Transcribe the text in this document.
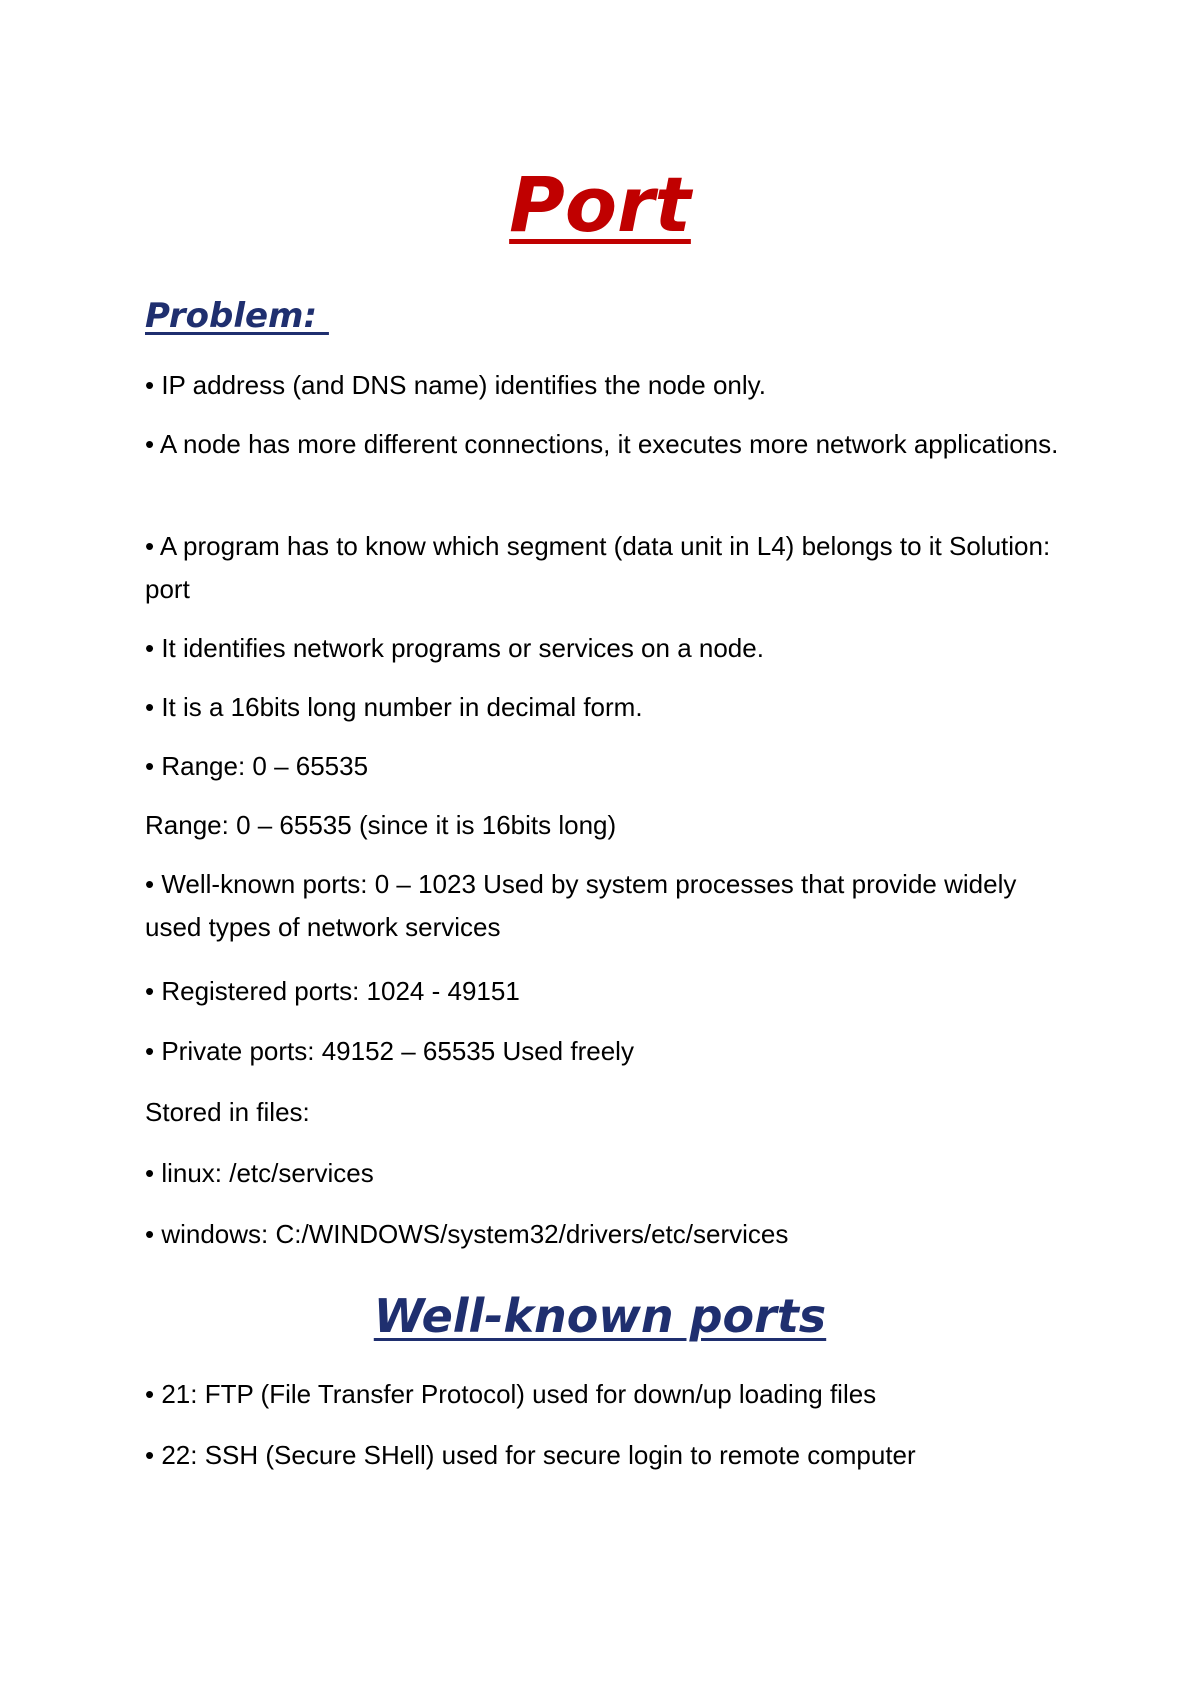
Port
Problem:

• IP address (and DNS name) identifies the node only.

• A node has more different connections, it executes more network applications.

• A program has to know which segment (data unit in L4) belongs to it Solution: port

• It identifies network programs or services on a node.

• It is a 16bits long number in decimal form.

• Range: 0 – 65535

Range: 0 – 65535 (since it is 16bits long)

• Well-known ports: 0 – 1023 Used by system processes that provide widely used types of network services

• Registered ports: 1024 - 49151

• Private ports: 49152 – 65535 Used freely

Stored in files:

• linux: /etc/services

• windows: C:/WINDOWS/system32/drivers/etc/services

Well-known ports

• 21: FTP (File Transfer Protocol) used for down/up loading files

• 22: SSH (Secure SHell) used for secure login to remote computer
